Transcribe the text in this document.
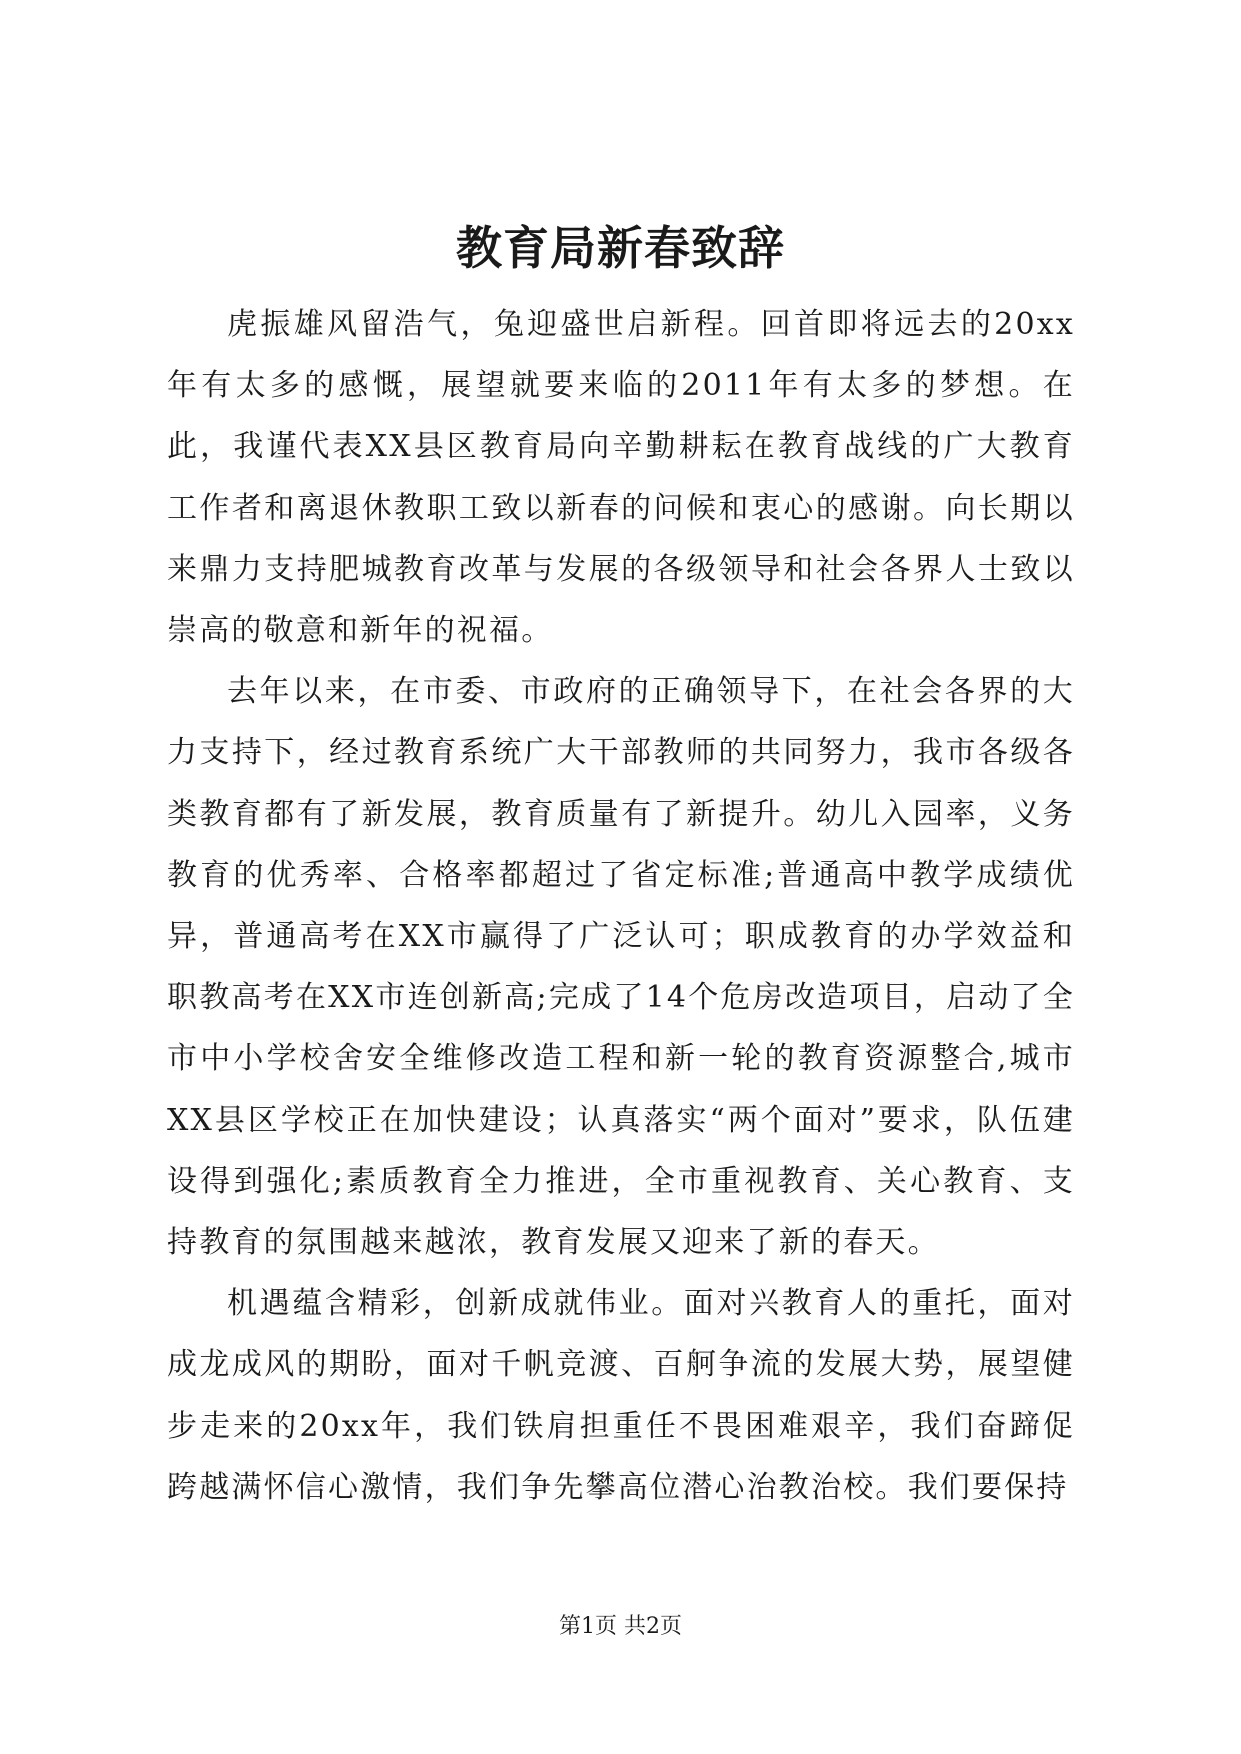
教育局新春致辞

虎振雄风留浩气，兔迎盛世启新程。回首即将远去的20xx年有太多的感慨，展望就要来临的2011年有太多的梦想。在此，我谨代表XX县区教育局向辛勤耕耘在教育战线的广大教育工作者和离退休教职工致以新春的问候和衷心的感谢。向长期以来鼎力支持肥城教育改革与发展的各级领导和社会各界人士致以崇高的敬意和新年的祝福。

去年以来，在市委、市政府的正确领导下，在社会各界的大力支持下，经过教育系统广大干部教师的共同努力，我市各级各类教育都有了新发展，教育质量有了新提升。幼儿入园率，义务教育的优秀率、合格率都超过了省定标准;普通高中教学成绩优异，普通高考在XX市赢得了广泛认可；职成教育的办学效益和职教高考在XX市连创新高;完成了14个危房改造项目，启动了全市中小学校舍安全维修改造工程和新一轮的教育资源整合,城市XX县区学校正在加快建设；认真落实“两个面对”要求，队伍建设得到强化;素质教育全力推进，全市重视教育、关心教育、支持教育的氛围越来越浓，教育发展又迎来了新的春天。

机遇蕴含精彩，创新成就伟业。面对兴教育人的重托，面对成龙成风的期盼，面对千帆竞渡、百舸争流的发展大势，展望健步走来的20xx年，我们铁肩担重任不畏困难艰辛，我们奋蹄促跨越满怀信心激情，我们争先攀高位潜心治教治校。我们要保持

第1页 共2页
